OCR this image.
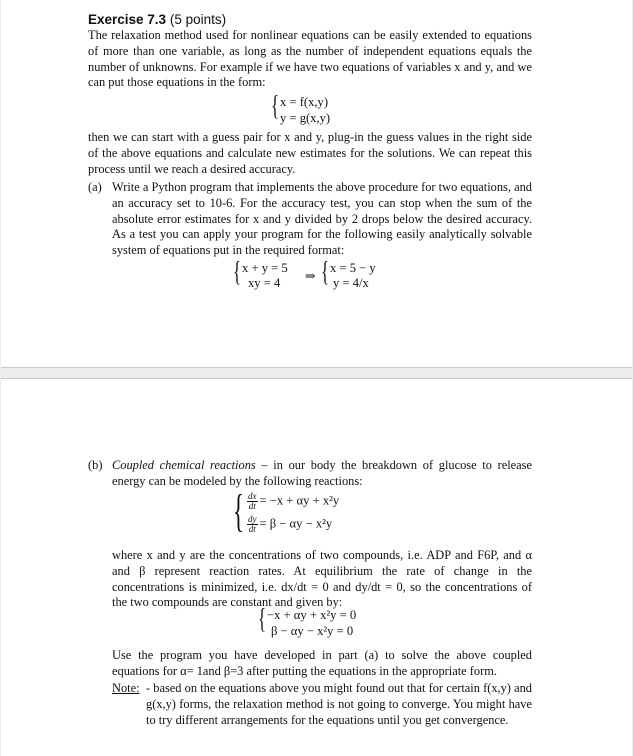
Exercise 7.3 (5 points)
The relaxation method used for nonlinear equations can be easily extended to equations of more than one variable, as long as the number of independent equations equals the number of unknowns. For example if we have two equations of variables x and y, and we can put those equations in the form:
{ x = f(x,y)
y = g(x,y)
then we can start with a guess pair for x and y, plug-in the guess values in the right side of the above equations and calculate new estimates for the solutions. We can repeat this process until we reach a desired accuracy.
(a) Write a Python program that implements the above procedure for two equations, and an accuracy set to 10-6. For the accuracy test, you can stop when the sum of the absolute error estimates for x and y divided by 2 drops below the desired accuracy. As a test you can apply your program for the following easily analytically solvable system of equations put in the required format:
{ x + y = 5
xy = 4 ⇒ { x = 5 − y
y = 4/x
(b) Coupled chemical reactions – in our body the breakdown of glucose to release energy can be modeled by the following reactions:
{ $\frac{dx}{dt} = -x + \alpha y + x^2y$
$\frac{dy}{dt} = \beta - \alpha y - x^2y$
where x and y are the concentrations of two compounds, i.e. ADP and F6P, and α and β represent reaction rates. At equilibrium the rate of change in the concentrations is minimized, i.e. dx/dt = 0 and dy/dt = 0, so the concentrations of the two compounds are constant and given by:
{ −x + αy + x²y = 0
β − αy − x²y = 0
Use the program you have developed in part (a) to solve the above coupled equations for α= 1and β=3 after putting the equations in the appropriate form.
Note: - based on the equations above you might found out that for certain f(x,y) and g(x,y) forms, the relaxation method is not going to converge. You might have to try different arrangements for the equations until you get convergence.
